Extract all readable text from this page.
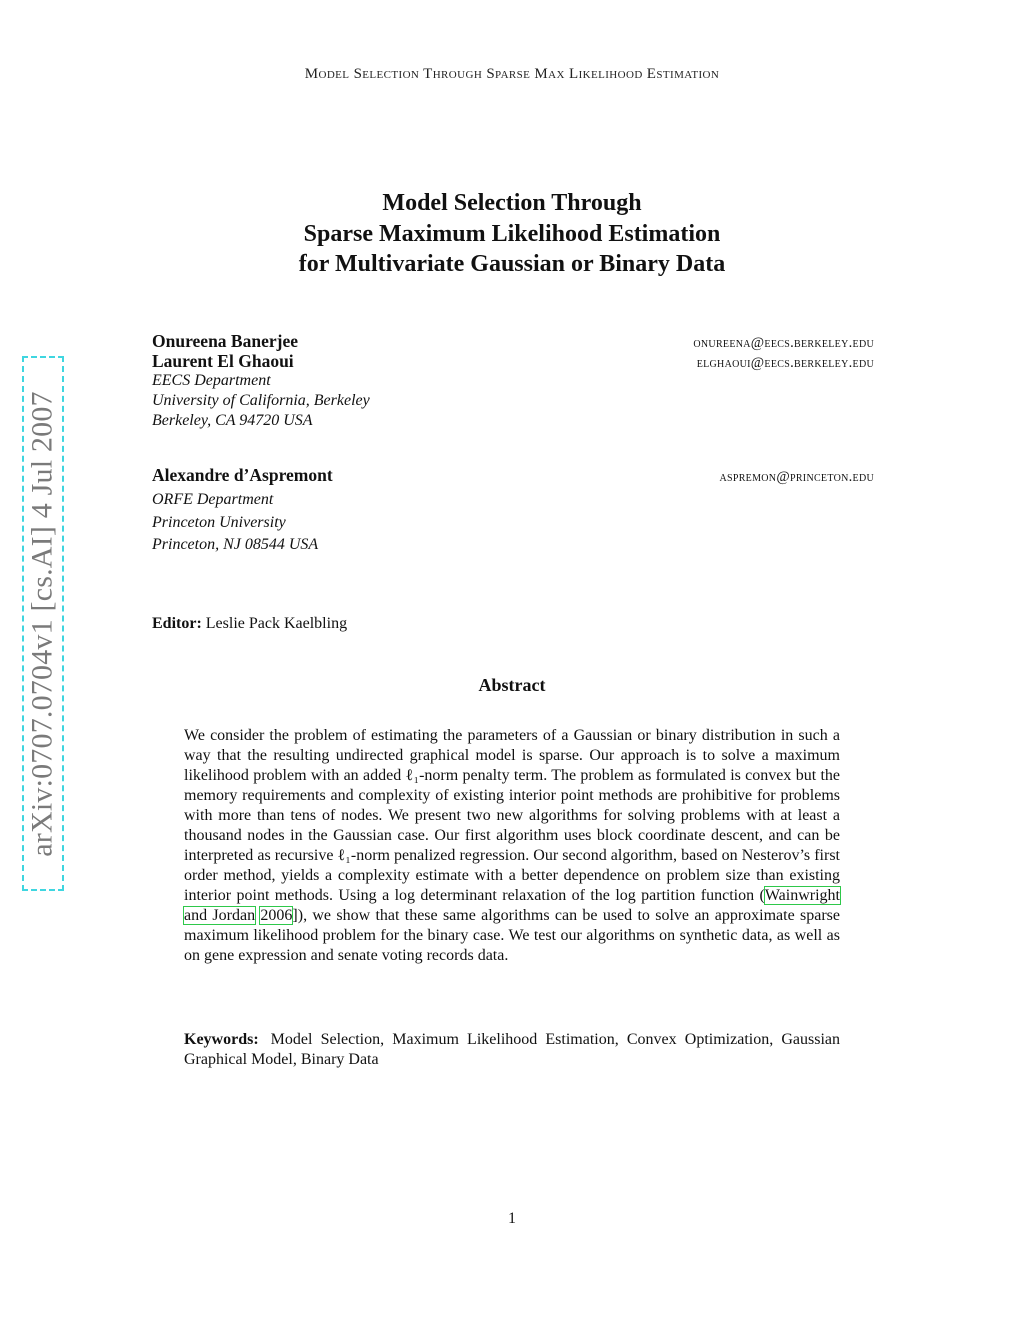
Model Selection Through Sparse Max Likelihood Estimation
Model Selection Through
Sparse Maximum Likelihood Estimation
for Multivariate Gaussian or Binary Data
Onureena Banerjee	onureena@eecs.berkeley.edu
Laurent El Ghaoui	elghaoui@eecs.berkeley.edu
EECS Department
University of California, Berkeley
Berkeley, CA 94720 USA
Alexandre d’Aspremont	aspremon@princeton.edu
ORFE Department
Princeton University
Princeton, NJ 08544 USA
Editor: Leslie Pack Kaelbling
Abstract
We consider the problem of estimating the parameters of a Gaussian or binary distribution in such a way that the resulting undirected graphical model is sparse. Our approach is to solve a maximum likelihood problem with an added ℓ₁-norm penalty term. The problem as formulated is convex but the memory requirements and complexity of existing interior point methods are prohibitive for problems with more than tens of nodes. We present two new algorithms for solving problems with at least a thousand nodes in the Gaussian case. Our first algorithm uses block coordinate descent, and can be interpreted as recursive ℓ₁-norm penalized regression. Our second algorithm, based on Nesterov’s first order method, yields a complexity estimate with a better dependence on problem size than existing interior point methods. Using a log determinant relaxation of the log partition function (Wainwright and Jordan 2006]), we show that these same algorithms can be used to solve an approximate sparse maximum likelihood problem for the binary case. We test our algorithms on synthetic data, as well as on gene expression and senate voting records data.
Keywords: Model Selection, Maximum Likelihood Estimation, Convex Optimization, Gaussian Graphical Model, Binary Data
1
arXiv:0707.0704v1 [cs.AI] 4 Jul 2007
